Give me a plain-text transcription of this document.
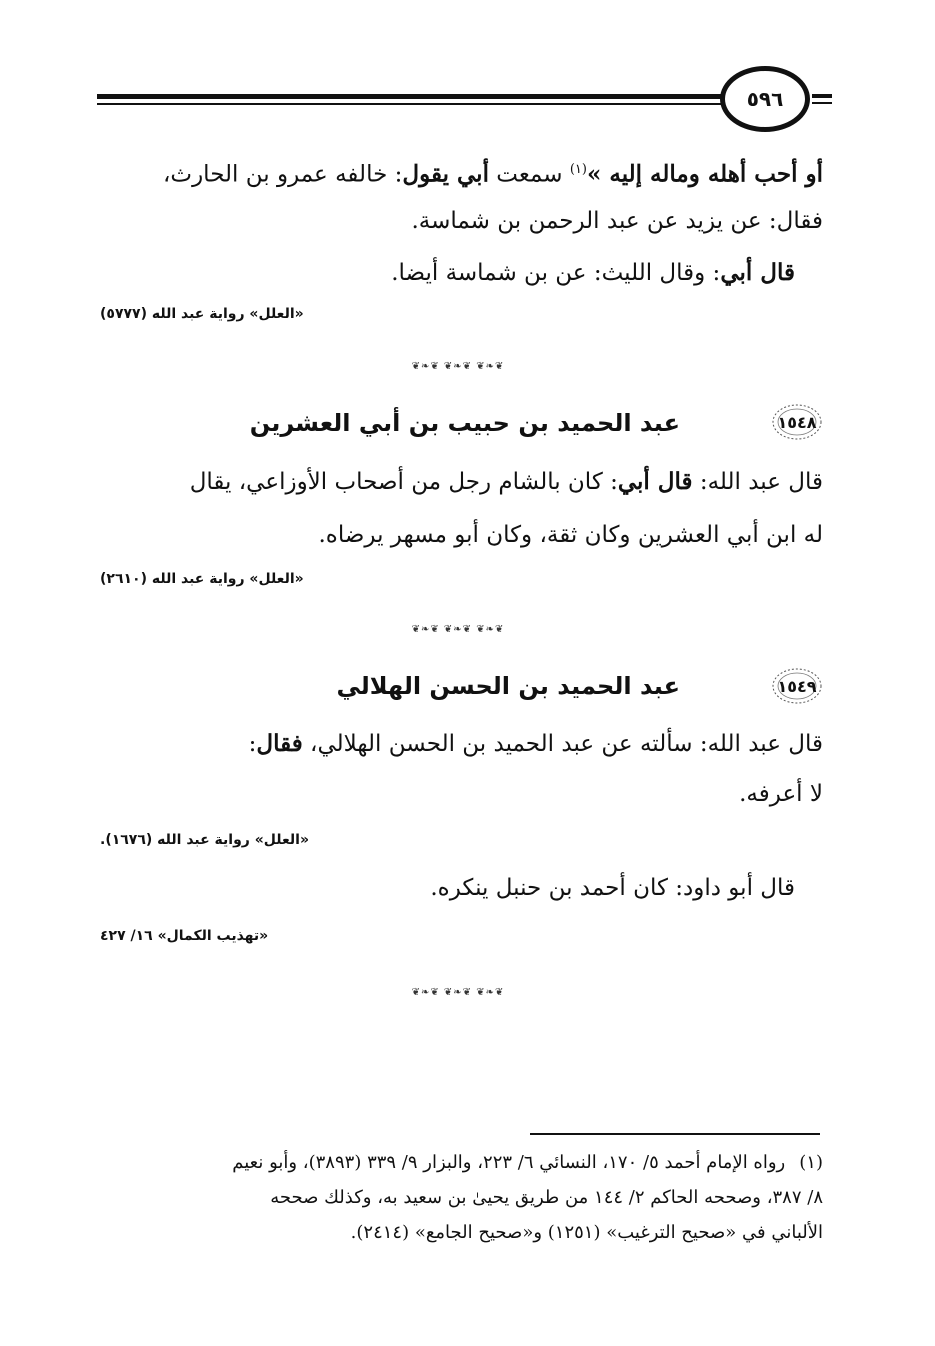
٥٩٦
أو أحب أهله وماله إليه »$^{(١)}$ سمعت أبي يقول: خالفه عمرو بن الحارث،
فقال: عن يزيد عن عبد الرحمن بن شماسة.
قال أبي: وقال الليث: عن بن شماسة أيضا.
«العلل» رواية عبد الله (٥٧٧٧)
❦❧❦ ❦❧❦ ❦❧❦
١٥٤٨
عبد الحميد بن حبيب بن أبي العشرين
قال عبد الله: قال أبي: كان بالشام رجل من أصحاب الأوزاعي، يقال
له ابن أبي العشرين وكان ثقة، وكان أبو مسهر يرضاه.
«العلل» رواية عبد الله (٢٦١٠)
❦❧❦ ❦❧❦ ❦❧❦
١٥٤٩
عبد الحميد بن الحسن الهلالي
قال عبد الله: سألته عن عبد الحميد بن الحسن الهلالي، فقال:
لا أعرفه.
«العلل» رواية عبد الله (١٦٧٦).
قال أبو داود: كان أحمد بن حنبل ينكره.
«تهذيب الكمال» ١٦/ ٤٢٧
❦❧❦ ❦❧❦ ❦❧❦
(١)رواه الإمام أحمد ٥/ ١٧٠، النسائي ٦/ ٢٢٣، والبزار ٩/ ٣٣٩ (٣٨٩٣)، وأبو نعيم
٨/ ٣٨٧، وصححه الحاكم ٢/ ١٤٤ من طريق يحيىٰ بن سعيد به، وكذلك صححه
الألباني في «صحيح الترغيب» (١٢٥١) و«صحيح الجامع» (٢٤١٤).
